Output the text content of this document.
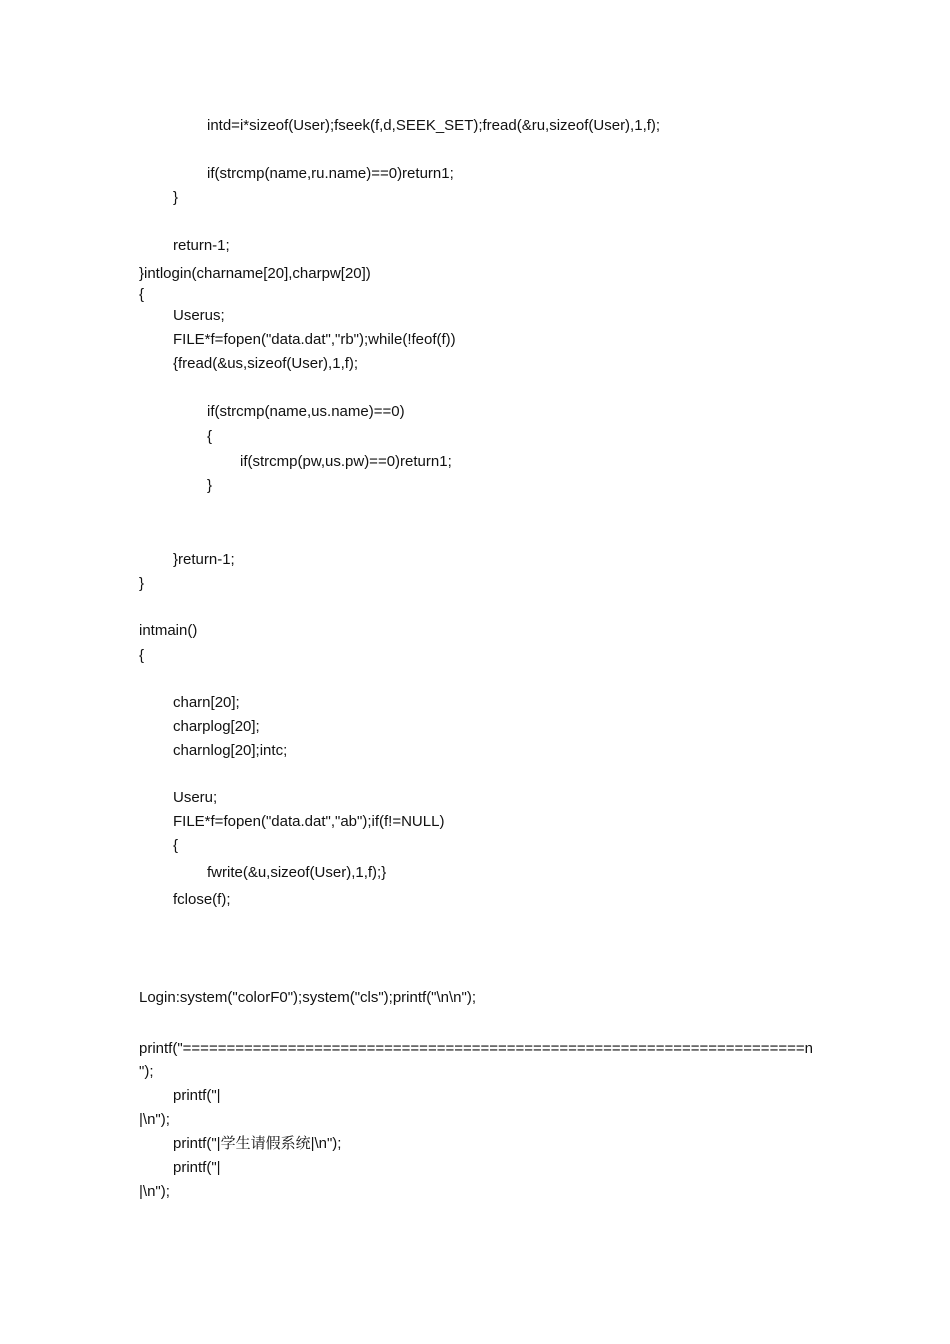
intd=i*sizeof(User);fseek(f,d,SEEK_SET);fread(&ru,sizeof(User),1,f);
if(strcmp(name,ru.name)==0)return1;
}
return-1;
}intlogin(charname[20],charpw[20])
{
Userus;
FILE*f=fopen("data.dat","rb");while(!feof(f))
{fread(&us,sizeof(User),1,f);
if(strcmp(name,us.name)==0)
{
if(strcmp(pw,us.pw)==0)return1;
}
}return-1;
}
intmain()
{
charn[20];
charplog[20];
charnlog[20];intc;
Useru;
FILE*f=fopen("data.dat","ab");if(f!=NULL)
{
fwrite(&u,sizeof(User),1,f);}
fclose(f);
Login:system("colorF0");system("cls");printf("\n\n");
printf("=======================================================================n
");
printf("|
|\n");
printf("|学生请假系统|\n");
printf("|
|\n");
